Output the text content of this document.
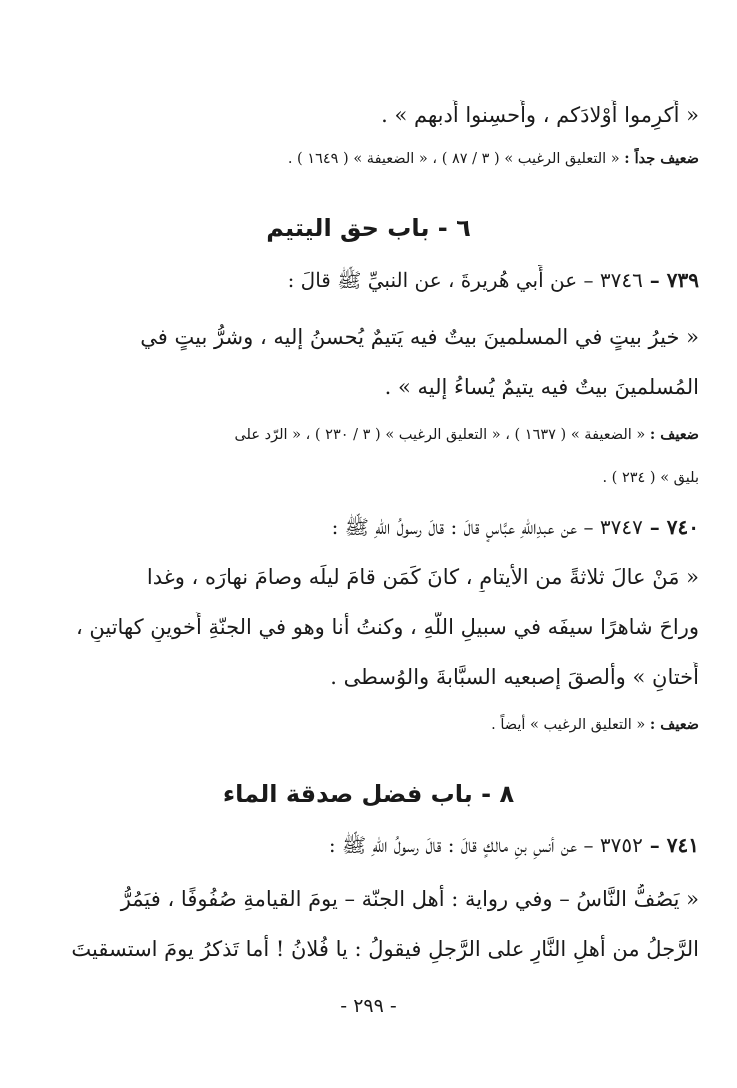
« أَكرِموا أَوْلادَكم ، وأَحسِنوا أَدبهم » .
ضعيف جداً : « التعليق الرغيب » ( ٣ / ٨٧ ) ، « الضعيفة » ( ١٦٤٩ ) .
٦ - باب حق اليتيم
٧٣٩ – ٣٧٤٦ – عن أَبي هُريرةَ ، عن النبيِّ ﷺ قالَ :
« خيرُ بيتٍ في المسلمينَ بيتٌ فيه يَتيمٌ يُحسنُ إليه ، وشرُّ بيتٍ في
المُسلمينَ بيتٌ فيه يتيمٌ يُساءُ إليه » .
ضعيف : « الضعيفة » ( ١٦٣٧ ) ، « التعليق الرغيب » ( ٣ / ٢٣٠ ) ، « الرّد على
بليق » ( ٢٣٤ ) .
٧٤٠ – ٣٧٤٧ – عن عبدِاللهِ عبَّاسٍ قالَ : قالَ رسولُ اللّهِ ﷺ :
« مَنْ عالَ ثلاثةً من الأيتامِ ، كانَ كَمَن قامَ ليلَه وصامَ نهارَه ، وغدا
وراحَ شاهرًا سيفَه في سبيلِ اللّهِ ، وكنتُ أنا وهو في الجنّةِ أَخوينِ كهاتينِ ،
أُختانِ » وألصقَ إصبعيه السبَّابةَ والوُسطى .
ضعيف : « التعليق الرغيب » أيضاً .
٨ - باب فضل صدقة الماء
٧٤١ – ٣٧٥٢ – عن أنسِ بنِ مالكٍ قالَ : قالَ رسولُ اللّهِ ﷺ :
« يَصُفُّ النَّاسُ – وفي رواية : أهل الجنّة – يومَ القيامةِ صُفُوفًا ، فيَمُرُّ
الرَّجلُ من أهلِ النَّارِ على الرَّجلِ فيقولُ : يا فُلانُ ! أما تَذكرُ يومَ استسقيتَ
- ٢٩٩ -
